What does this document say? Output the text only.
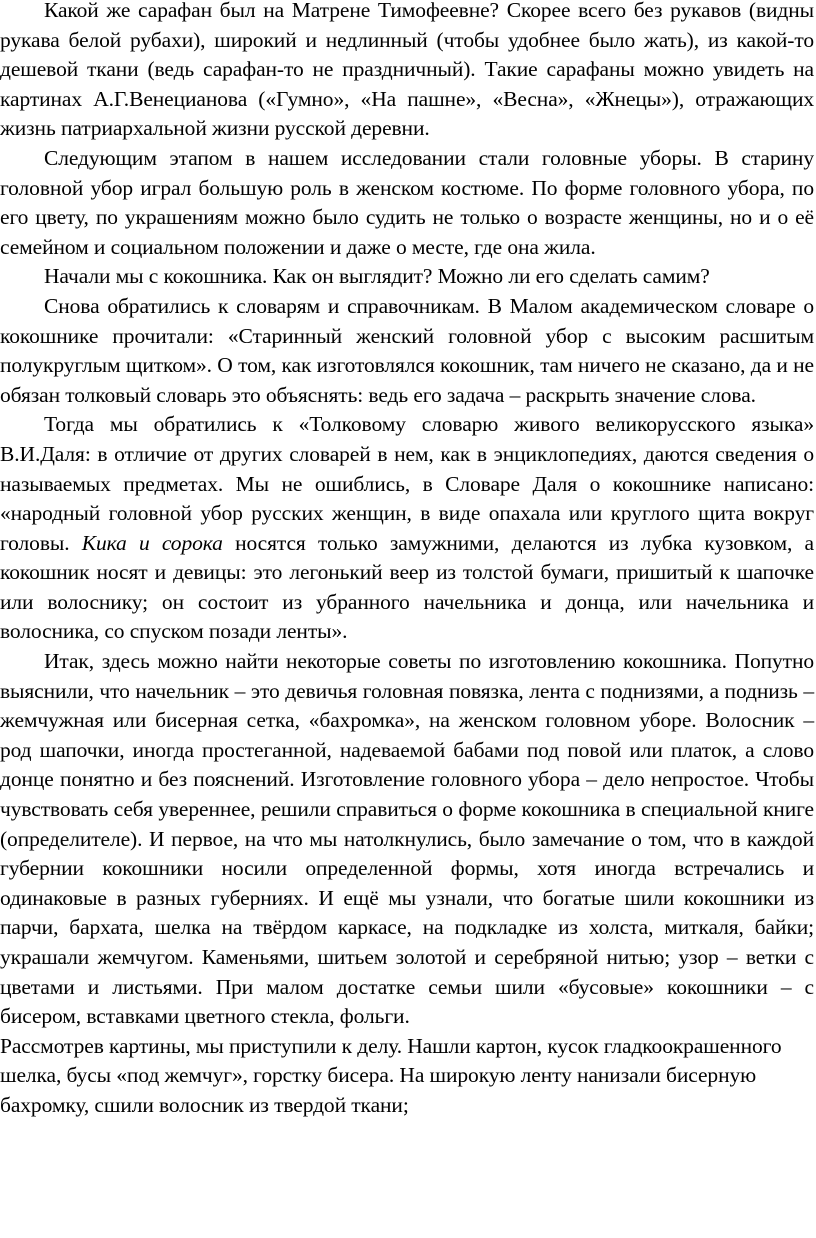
Какой же сарафан был на Матрене Тимофеевне? Скорее всего без рукавов (видны рукава белой рубахи), широкий и недлинный (чтобы удобнее было жать), из какой-то дешевой ткани (ведь сарафан-то не праздничный). Такие сарафаны можно увидеть на картинах А.Г.Венецианова («Гумно», «На пашне», «Весна», «Жнецы»), отражающих жизнь патриархальной жизни русской деревни.

Следующим этапом в нашем исследовании стали головные уборы. В старину головной убор играл большую роль в женском костюме. По форме головного убора, по его цвету, по украшениям можно было судить не только о возрасте женщины, но и о её семейном и социальном положении и даже о месте, где она жила.

Начали мы с кокошника. Как он выглядит? Можно ли его сделать самим?

Снова обратились к словарям и справочникам. В Малом академическом словаре о кокошнике прочитали: «Старинный женский головной убор с высоким расшитым полукруглым щитком». О том, как изготовлялся кокошник, там ничего не сказано, да и не обязан толковый словарь это объяснять: ведь его задача – раскрыть значение слова.

Тогда мы обратились к «Толковому словарю живого великорусского языка» В.И.Даля: в отличие от других словарей в нем, как в энциклопедиях, даются сведения о называемых предметах. Мы не ошиблись, в Словаре Даля о кокошнике написано: «народный головной убор русских женщин, в виде опахала или круглого щита вокруг головы. Кика и сорока носятся только замужними, делаются из лубка кузовком, а кокошник носят и девицы: это легонький веер из толстой бумаги, пришитый к шапочке или волоснику; он состоит из убранного начельника и донца, или начельника и волосника, со спуском позади ленты».

Итак, здесь можно найти некоторые советы по изготовлению кокошника. Попутно выяснили, что начельник – это девичья головная повязка, лента с поднизями, а поднизь – жемчужная или бисерная сетка, «бахромка», на женском головном уборе. Волосник – род шапочки, иногда простеганной, надеваемой бабами под повой или платок, а слово донце понятно и без пояснений. Изготовление головного убора – дело непростое. Чтобы чувствовать себя увереннее, решили справиться о форме кокошника в специальной книге (определителе). И первое, на что мы натолкнулись, было замечание о том, что в каждой губернии кокошники носили определенной формы, хотя иногда встречались и одинаковые в разных губерниях. И ещё мы узнали, что богатые шили кокошники из парчи, бархата, шелка на твёрдом каркасе, на подкладке из холста, миткаля, байки; украшали жемчугом. Каменьями, шитьем золотой и серебряной нитью; узор – ветки с цветами и листьями. При малом достатке семьи шили «бусовые» кокошники – с бисером, вставками цветного стекла, фольги.

Рассмотрев картины, мы приступили к делу. Нашли картон, кусок гладкоокрашенного шелка, бусы «под жемчуг», горстку бисера. На широкую ленту нанизали бисерную бахромку, сшили волосник из твердой ткани;
